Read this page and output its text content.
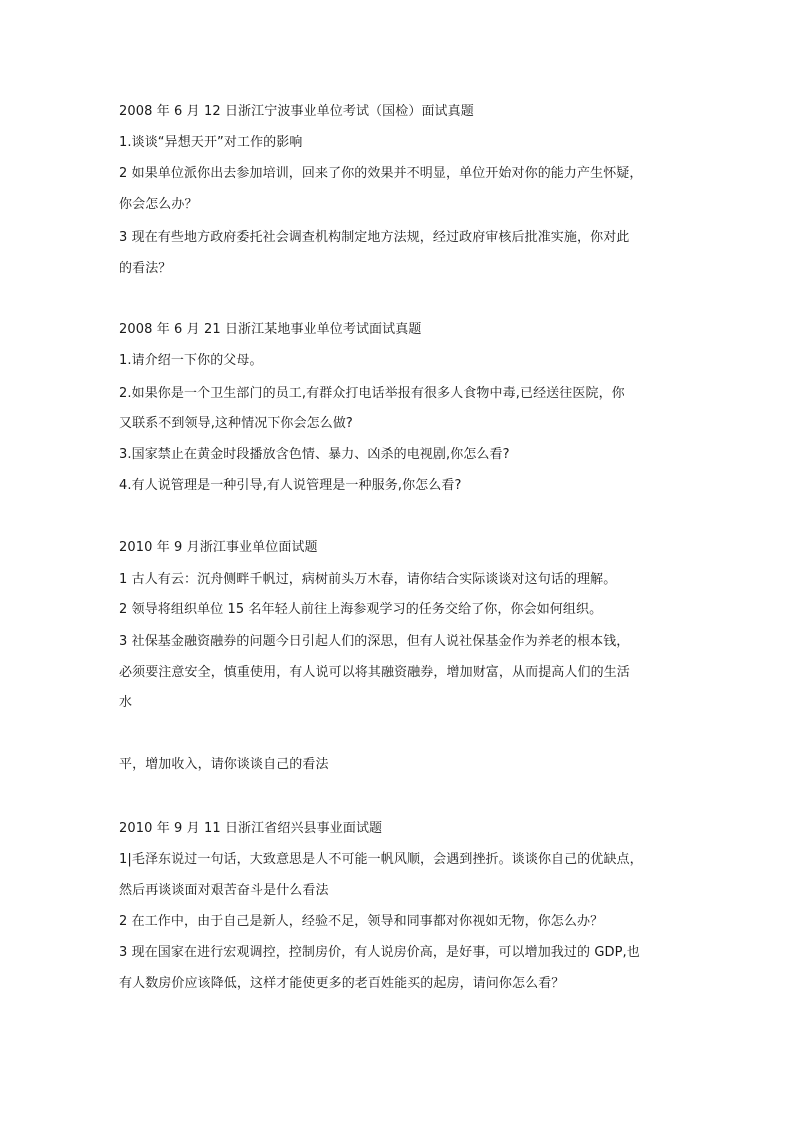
2008 年 6 月 12 日浙江宁波事业单位考试（国检）面试真题
1.谈谈“异想天开”对工作的影响
2 如果单位派你出去参加培训，回来了你的效果并不明显，单位开始对你的能力产生怀疑，
你会怎么办？
3 现在有些地方政府委托社会调查机构制定地方法规，经过政府审核后批准实施，你对此
的看法？
2008 年 6 月 21 日浙江某地事业单位考试面试真题
1.请介绍一下你的父母。
2.如果你是一个卫生部门的员工,有群众打电话举报有很多人食物中毒,已经送往医院，你
又联系不到领导,这种情况下你会怎么做?
3.国家禁止在黄金时段播放含色情、暴力、凶杀的电视剧,你怎么看?
4.有人说管理是一种引导,有人说管理是一种服务,你怎么看?
2010 年 9 月浙江事业单位面试题
1 古人有云：沉舟侧畔千帆过，病树前头万木春，请你结合实际谈谈对这句话的理解。
2 领导将组织单位 15 名年轻人前往上海参观学习的任务交给了你，你会如何组织。
3 社保基金融资融券的问题今日引起人们的深思，但有人说社保基金作为养老的根本钱，
必须要注意安全，慎重使用，有人说可以将其融资融券，增加财富，从而提高人们的生活
水
平，增加收入，请你谈谈自己的看法
2010 年 9 月 11 日浙江省绍兴县事业面试题
1|毛泽东说过一句话，大致意思是人不可能一帆风顺，会遇到挫折。谈谈你自己的优缺点，
然后再谈谈面对艰苦奋斗是什么看法
2 在工作中，由于自己是新人，经验不足，领导和同事都对你视如无物，你怎么办？
3 现在国家在进行宏观调控，控制房价，有人说房价高，是好事，可以增加我过的 GDP,也
有人数房价应该降低，这样才能使更多的老百姓能买的起房，请问你怎么看？
